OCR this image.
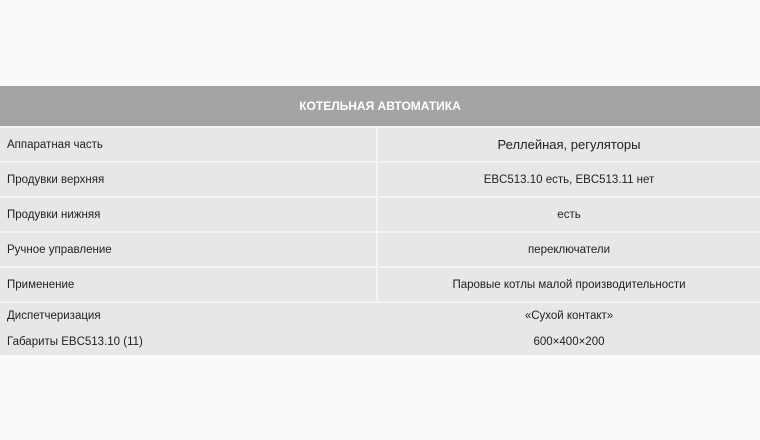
КОТЕЛЬНАЯ АВТОМАТИКА
Аппаратная часть	Реллейная, регуляторы
Продувки верхняя	EBC513.10 есть, EBC513.11 нет
Продувки нижняя	есть
Ручное управление	переключатели
Применение	Паровые котлы малой производительности
Диспетчеризация	«Сухой контакт»
Габариты EBC513.10 (11)	600×400×200
